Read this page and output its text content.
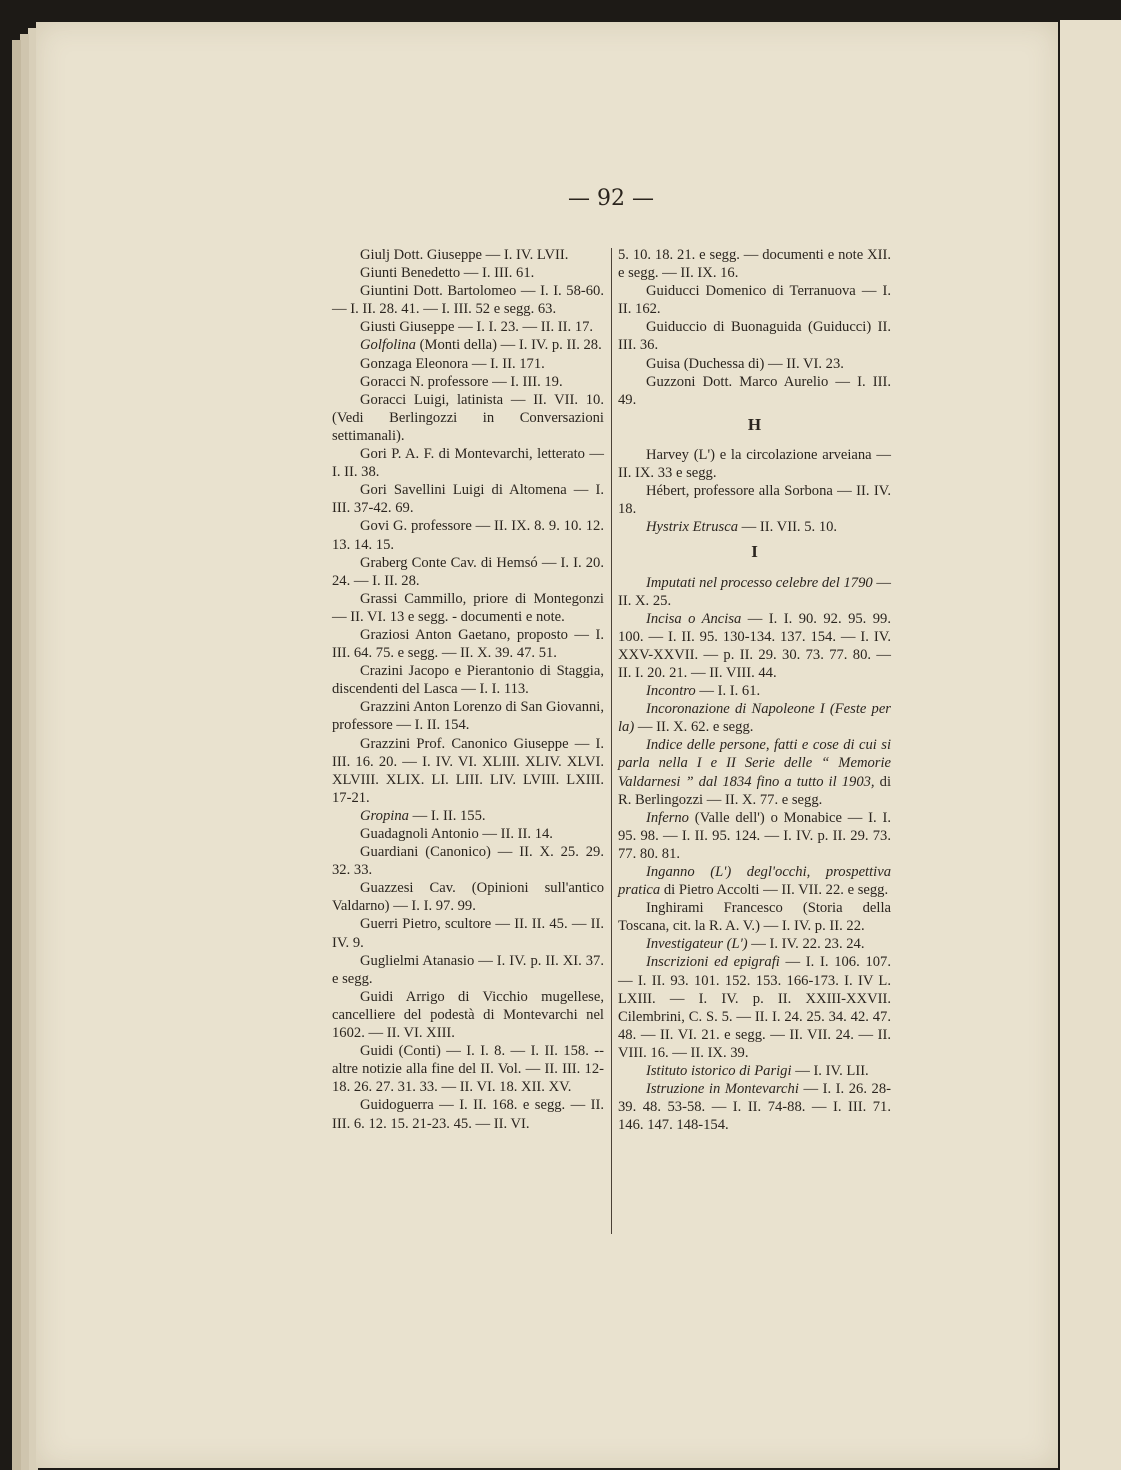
— 92 —

Giulj Dott. Giuseppe — I. IV. LVII.

Giunti Benedetto — I. III. 61.

Giuntini Dott. Bartolomeo — I. I. 58-60. — I. II. 28. 41. — I. III. 52 e segg. 63.

Giusti Giuseppe — I. I. 23. — II. II. 17.

Golfolina (Monti della) — I. IV. p. II. 28.

Gonzaga Eleonora — I. II. 171.

Goracci N. professore — I. III. 19.

Goracci Luigi, latinista — II. VII. 10. (Vedi Berlingozzi in Conversazioni settimanali).

Gori P. A. F. di Montevarchi, letterato — I. II. 38.

Gori Savellini Luigi di Altomena — I. III. 37-42. 69.

Govi G. professore — II. IX. 8. 9. 10. 12. 13. 14. 15.

Graberg Conte Cav. di Hemsó — I. I. 20. 24. — I. II. 28.

Grassi Cammillo, priore di Montegonzi — II. VI. 13 e segg. - documenti e note.

Graziosi Anton Gaetano, proposto — I. III. 64. 75. e segg. — II. X. 39. 47. 51.

Crazini Jacopo e Pierantonio di Staggia, discendenti del Lasca — I. I. 113.

Grazzini Anton Lorenzo di San Giovanni, professore — I. II. 154.

Grazzini Prof. Canonico Giuseppe — I. III. 16. 20. — I. IV. VI. XLIII. XLIV. XLVI. XLVIII. XLIX. LI. LIII. LIV. LVIII. LXIII. 17-21.

Gropina — I. II. 155.

Guadagnoli Antonio — II. II. 14.

Guardiani (Canonico) — II. X. 25. 29. 32. 33.

Guazzesi Cav. (Opinioni sull'antico Valdarno) — I. I. 97. 99.

Guerri Pietro, scultore — II. II. 45. — II. IV. 9.

Guglielmi Atanasio — I. IV. p. II. XI. 37. e segg.

Guidi Arrigo di Vicchio mugellese, cancelliere del podestà di Montevarchi nel 1602. — II. VI. XIII.

Guidi (Conti) — I. I. 8. — I. II. 158. -- altre notizie alla fine del II. Vol. — II. III. 12-18. 26. 27. 31. 33. — II. VI. 18. XII. XV.

Guidoguerra — I. II. 168. e segg. — II. III. 6. 12. 15. 21-23. 45. — II. VI.

5. 10. 18. 21. e segg. — documenti e note XII. e segg. — II. IX. 16.

Guiducci Domenico di Terranuova — I. II. 162.

Guiduccio di Buonaguida (Guiducci) II. III. 36.

Guisa (Duchessa di) — II. VI. 23.

Guzzoni Dott. Marco Aurelio — I. III. 49.

H

Harvey (L') e la circolazione arveiana — II. IX. 33 e segg.

Hébert, professore alla Sorbona — II. IV. 18.

Hystrix Etrusca — II. VII. 5. 10.

I

Imputati nel processo celebre del 1790 — II. X. 25.

Incisa o Ancisa — I. I. 90. 92. 95. 99. 100. — I. II. 95. 130-134. 137. 154. — I. IV. XXV-XXVII. — p. II. 29. 30. 73. 77. 80. — II. I. 20. 21. — II. VIII. 44.

Incontro — I. I. 61.

Incoronazione di Napoleone I (Feste per la) — II. X. 62. e segg.

Indice delle persone, fatti e cose di cui si parla nella I e II Serie delle “ Memorie Valdarnesi ” dal 1834 fino a tutto il 1903, di R. Berlingozzi — II. X. 77. e segg.

Inferno (Valle dell') o Monabice — I. I. 95. 98. — I. II. 95. 124. — I. IV. p. II. 29. 73. 77. 80. 81.

Inganno (L') degl'occhi, prospettiva pratica di Pietro Accolti — II. VII. 22. e segg.

Inghirami Francesco (Storia della Toscana, cit. la R. A. V.) — I. IV. p. II. 22.

Investigateur (L') — I. IV. 22. 23. 24.

Inscrizioni ed epigrafi — I. I. 106. 107. — I. II. 93. 101. 152. 153. 166-173. I. IV L. LXIII. — I. IV. p. II. XXIII-XXVII. Cilembrini, C. S. 5. — II. I. 24. 25. 34. 42. 47. 48. — II. VI. 21. e segg. — II. VII. 24. — II. VIII. 16. — II. IX. 39.

Istituto istorico di Parigi — I. IV. LII.

Istruzione in Montevarchi — I. I. 26. 28-39. 48. 53-58. — I. II. 74-88. — I. III. 71. 146. 147. 148-154.
